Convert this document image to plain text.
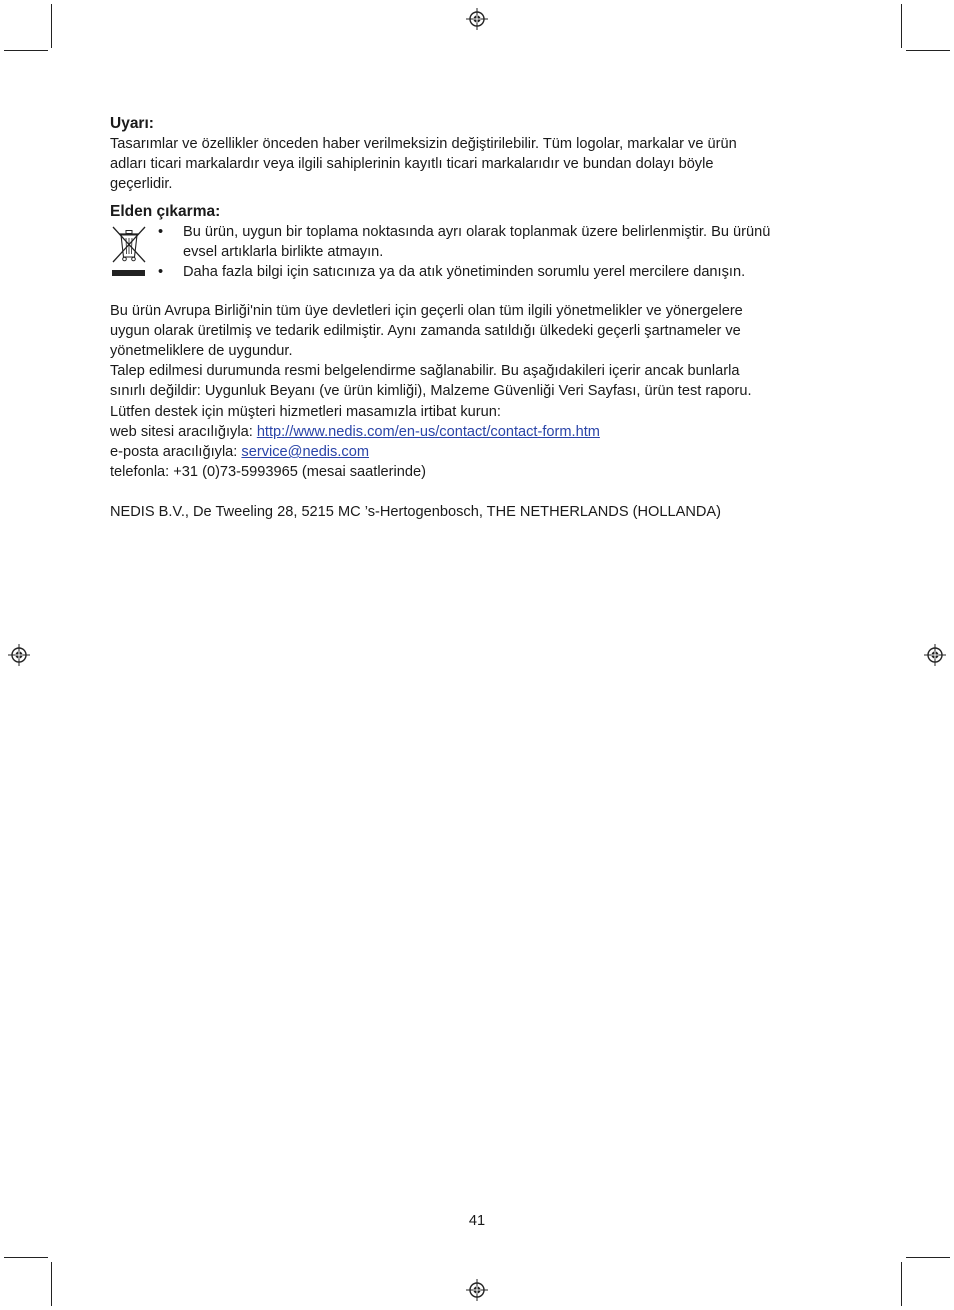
Uyarı:

Tasarımlar ve özellikler önceden haber verilmeksizin değiştirilebilir. Tüm logolar, markalar ve ürün
adları ticari markalardır veya ilgili sahiplerinin kayıtlı ticari markalarıdır ve bundan dolayı böyle
geçerlidir.

Elden çıkarma:

• Bu ürün, uygun bir toplama noktasında ayrı olarak toplanmak üzere belirlenmiştir. Bu ürünü
evsel artıklarla birlikte atmayın.
• Daha fazla bilgi için satıcınıza ya da atık yönetiminden sorumlu yerel mercilere danışın.

Bu ürün Avrupa Birliği'nin tüm üye devletleri için geçerli olan tüm ilgili yönetmelikler ve yönergelere
uygun olarak üretilmiş ve tedarik edilmiştir. Aynı zamanda satıldığı ülkedeki geçerli şartnameler ve
yönetmeliklere de uygundur.
Talep edilmesi durumunda resmi belgelendirme sağlanabilir. Bu aşağıdakileri içerir ancak bunlarla
sınırlı değildir: Uygunluk Beyanı (ve ürün kimliği), Malzeme Güvenliği Veri Sayfası, ürün test raporu.
Lütfen destek için müşteri hizmetleri masamızla irtibat kurun:
web sitesi aracılığıyla: http://www.nedis.com/en-us/contact/contact-form.htm
e-posta aracılığıyla: service@nedis.com
telefonla: +31 (0)73-5993965 (mesai saatlerinde)

NEDIS B.V., De Tweeling 28, 5215 MC ’s-Hertogenbosch, THE NETHERLANDS (HOLLANDA)

41
